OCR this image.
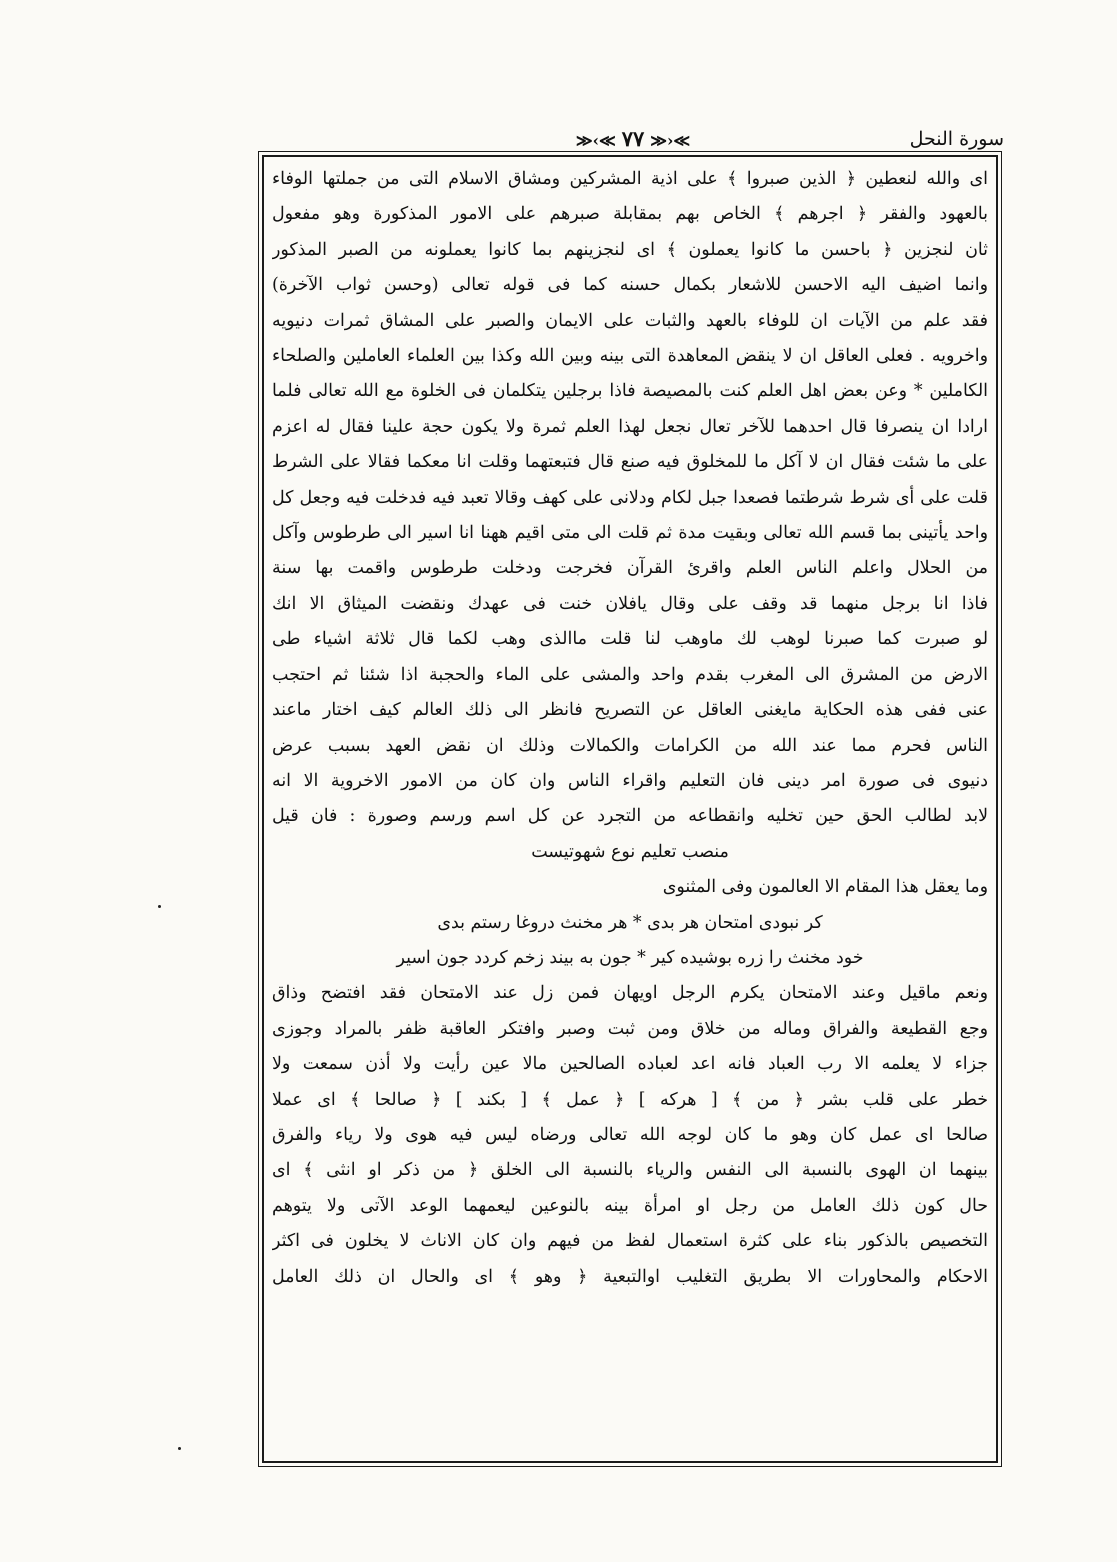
سورة النحل
≫‹≪٧٧≫›≪

اى والله لنعطين ﴿ الذين صبروا ﴾ على اذية المشركين ومشاق الاسلام التى من جملتها الوفاء

بالعهود والفقر ﴿ اجرهم ﴾ الخاص بهم بمقابلة صبرهم على الامور المذكورة وهو مفعول

ثان لنجزين ﴿ باحسن ما كانوا يعملون ﴾ اى لنجزينهم بما كانوا يعملونه من الصبر المذكور

وانما اضيف اليه الاحسن للاشعار بكمال حسنه كما فى قوله تعالى (وحسن ثواب الآخرة)

فقد علم من الآيات ان للوفاء بالعهد والثبات على الايمان والصبر على المشاق ثمرات دنيويه

واخرويه . فعلى العاقل ان لا ينقض المعاهدة التى بينه وبين الله وكذا بين العلماء العاملين والصلحاء

الكاملين * وعن بعض اهل العلم كنت بالمصيصة فاذا برجلين يتكلمان فى الخلوة مع الله تعالى فلما

ارادا ان ينصرفا قال احدهما للآخر تعال نجعل لهذا العلم ثمرة ولا يكون حجة علينا فقال له اعزم

على ما شئت فقال ان لا آكل ما للمخلوق فيه صنع قال فتبعتهما وقلت انا معكما فقالا على الشرط

قلت على أى شرط شرطتما فصعدا جبل لكام ودلانى على كهف وقالا تعبد فيه فدخلت فيه وجعل كل

واحد يأتينى بما قسم الله تعالى وبقيت مدة ثم قلت الى متى اقيم ههنا انا اسير الى طرطوس وآكل

من الحلال واعلم الناس العلم واقرئ القرآن فخرجت ودخلت طرطوس واقمت بها سنة

فاذا انا برجل منهما قد وقف على وقال يافلان خنت فى عهدك ونقضت الميثاق الا انك

لو صبرت كما صبرنا لوهب لك ماوهب لنا قلت ماالذى وهب لكما قال ثلاثة اشياء طى

الارض من المشرق الى المغرب بقدم واحد والمشى على الماء والحجبة اذا شئنا ثم احتجب

عنى ففى هذه الحكاية مايغنى العاقل عن التصريح فانظر الى ذلك العالم كيف اختار ماعند

الناس فحرم مما عند الله من الكرامات والكمالات وذلك ان نقض العهد بسبب عرض

دنيوى فى صورة امر دينى فان التعليم واقراء الناس وان كان من الامور الاخروية الا انه

لابد لطالب الحق حين تخليه وانقطاعه من التجرد عن كل اسم ورسم وصورة : فان قيل

منصب تعليم نوع شهوتيست

وما يعقل هذا المقام الا العالمون وفى المثنوى

كر نبودى امتحان هر بدى * هر مخنث دروغا رستم بدى

خود مخنث را زره بوشيده كير * جون به بيند زخم كردد جون اسير

ونعم ماقيل وعند الامتحان يكرم الرجل اويهان فمن زل عند الامتحان فقد افتضح وذاق

وجع القطيعة والفراق وماله من خلاق ومن ثبت وصبر وافتكر العاقبة ظفر بالمراد وجوزى

جزاء لا يعلمه الا رب العباد فانه اعد لعباده الصالحين مالا عين رأيت ولا أذن سمعت ولا

خطر على قلب بشر ﴿ من ﴾ [ هركه ] ﴿ عمل ﴾ [ بكند ] ﴿ صالحا ﴾ اى عملا

صالحا اى عمل كان وهو ما كان لوجه الله تعالى ورضاه ليس فيه هوى ولا رياء والفرق

بينهما ان الهوى بالنسبة الى النفس والرياء بالنسبة الى الخلق ﴿ من ذكر او انثى ﴾ اى

حال كون ذلك العامل من رجل او امرأة بينه بالنوعين ليعمهما الوعد الآتى ولا يتوهم

التخصيص بالذكور بناء على كثرة استعمال لفظ من فيهم وان كان الاناث لا يخلون فى اكثر

الاحكام والمحاورات الا بطريق التغليب اوالتبعية ﴿ وهو ﴾ اى والحال ان ذلك العامل
